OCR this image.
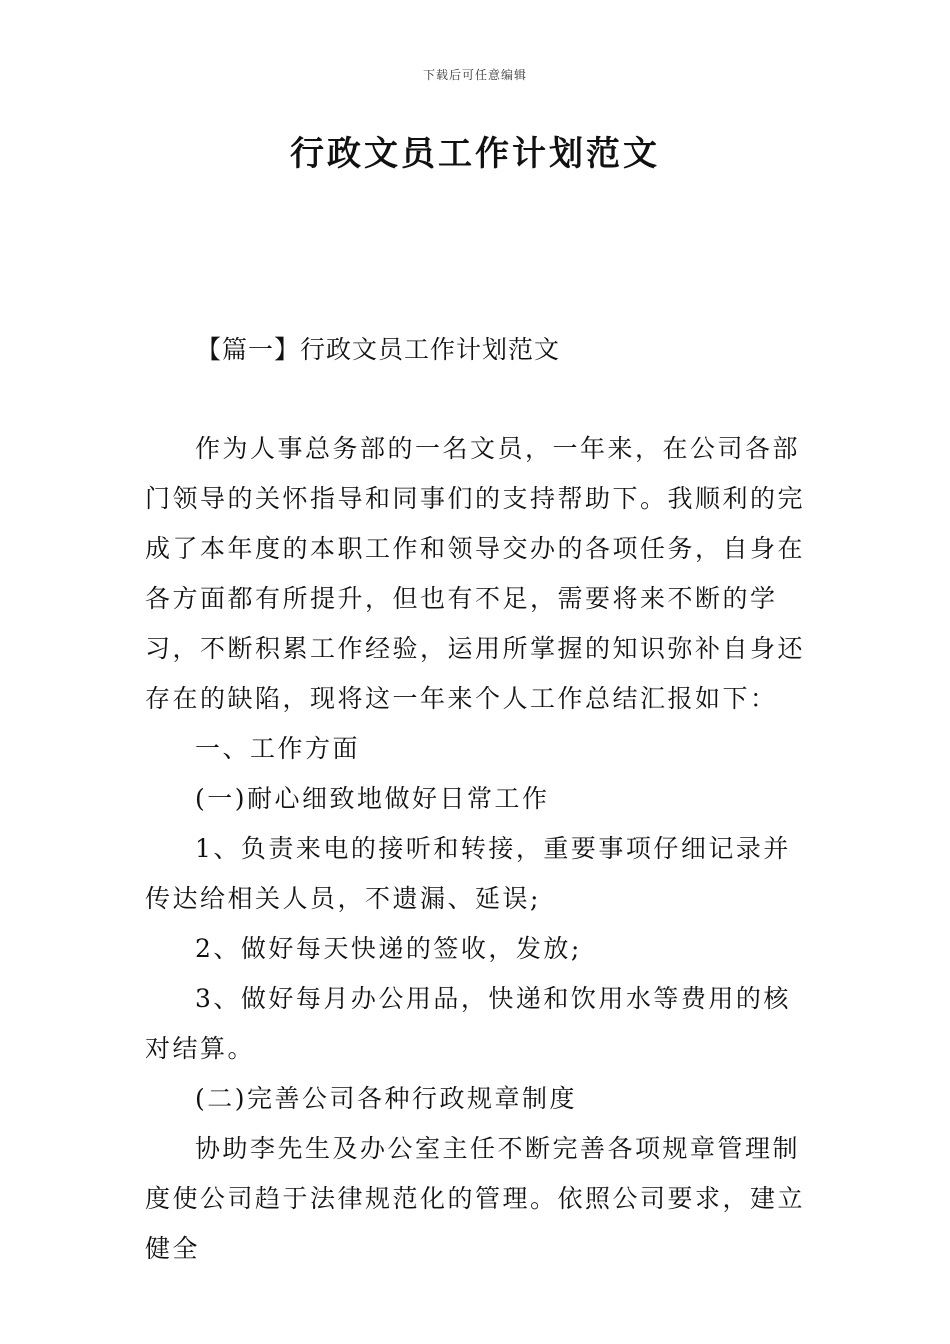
下载后可任意编辑
行政文员工作计划范文
【篇一】行政文员工作计划范文

作为人事总务部的一名文员，一年来，在公司各部门领导的关怀指导和同事们的支持帮助下。我顺利的完成了本年度的本职工作和领导交办的各项任务，自身在各方面都有所提升，但也有不足，需要将来不断的学习，不断积累工作经验，运用所掌握的知识弥补自身还存在的缺陷，现将这一年来个人工作总结汇报如下：

一、工作方面

(一)耐心细致地做好日常工作

1、负责来电的接听和转接，重要事项仔细记录并传达给相关人员，不遗漏、延误;

2、做好每天快递的签收，发放;

3、做好每月办公用品，快递和饮用水等费用的核对结算。

(二)完善公司各种行政规章制度

协助李先生及办公室主任不断完善各项规章管理制度使公司趋于法律规范化的管理。依照公司要求，建立健全
